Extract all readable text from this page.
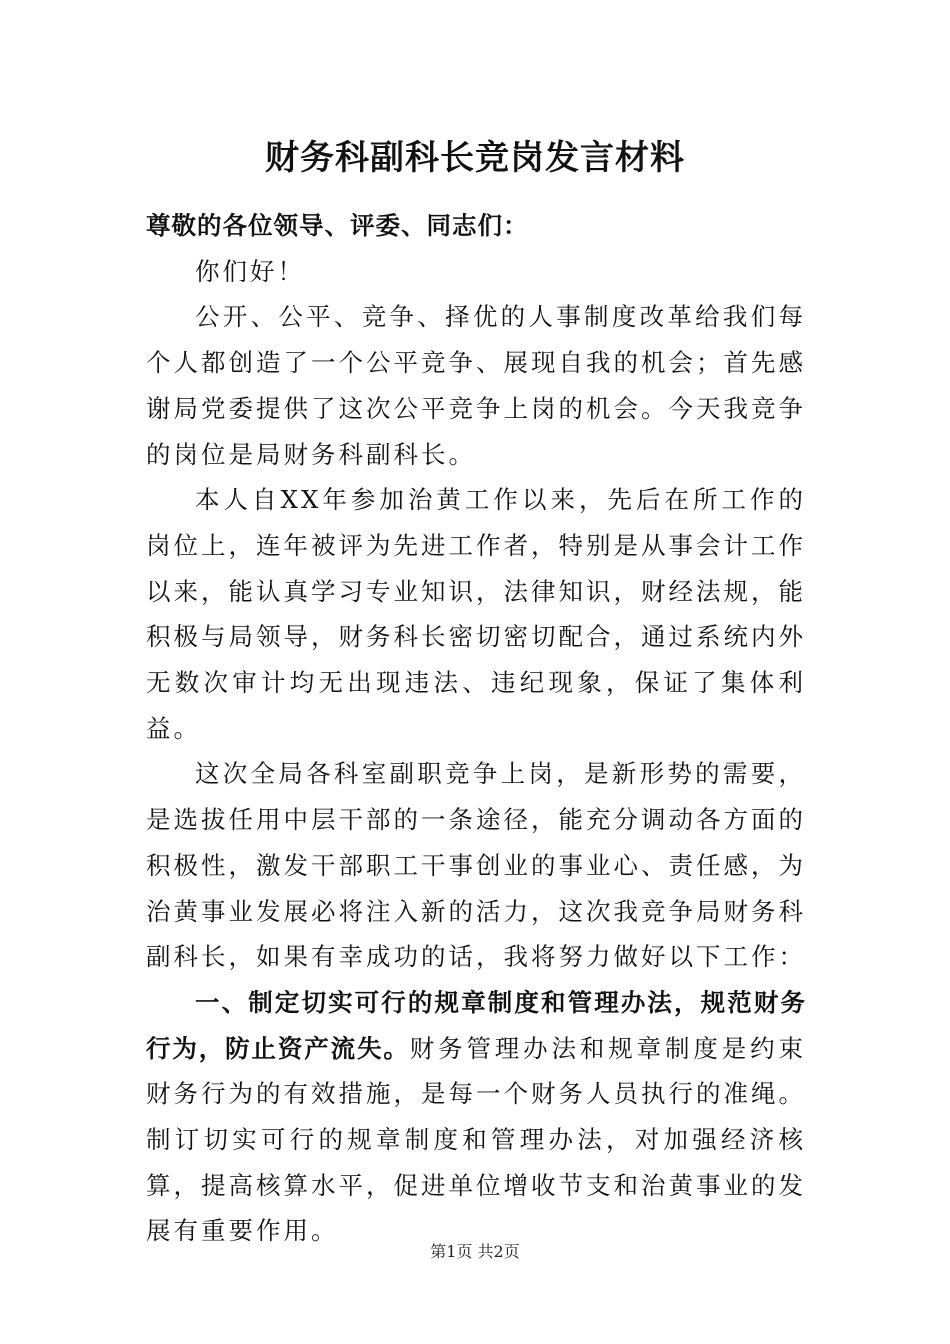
财务科副科长竞岗发言材料

尊敬的各位领导、评委、同志们：

你们好！

公开、公平、竞争、择优的人事制度改革给我们每个人都创造了一个公平竞争、展现自我的机会；首先感谢局党委提供了这次公平竞争上岗的机会。今天我竞争的岗位是局财务科副科长。

本人自XX年参加治黄工作以来，先后在所工作的岗位上，连年被评为先进工作者，特别是从事会计工作以来，能认真学习专业知识，法律知识，财经法规，能积极与局领导，财务科长密切密切配合，通过系统内外无数次审计均无出现违法、违纪现象，保证了集体利益。

这次全局各科室副职竞争上岗，是新形势的需要，是选拔任用中层干部的一条途径，能充分调动各方面的积极性，激发干部职工干事创业的事业心、责任感，为治黄事业发展必将注入新的活力，这次我竞争局财务科副科长，如果有幸成功的话，我将努力做好以下工作：

一、制定切实可行的规章制度和管理办法，规范财务行为，防止资产流失。财务管理办法和规章制度是约束财务行为的有效措施，是每一个财务人员执行的准绳。制订切实可行的规章制度和管理办法，对加强经济核算，提高核算水平，促进单位增收节支和治黄事业的发展有重要作用。

第1页 共2页
